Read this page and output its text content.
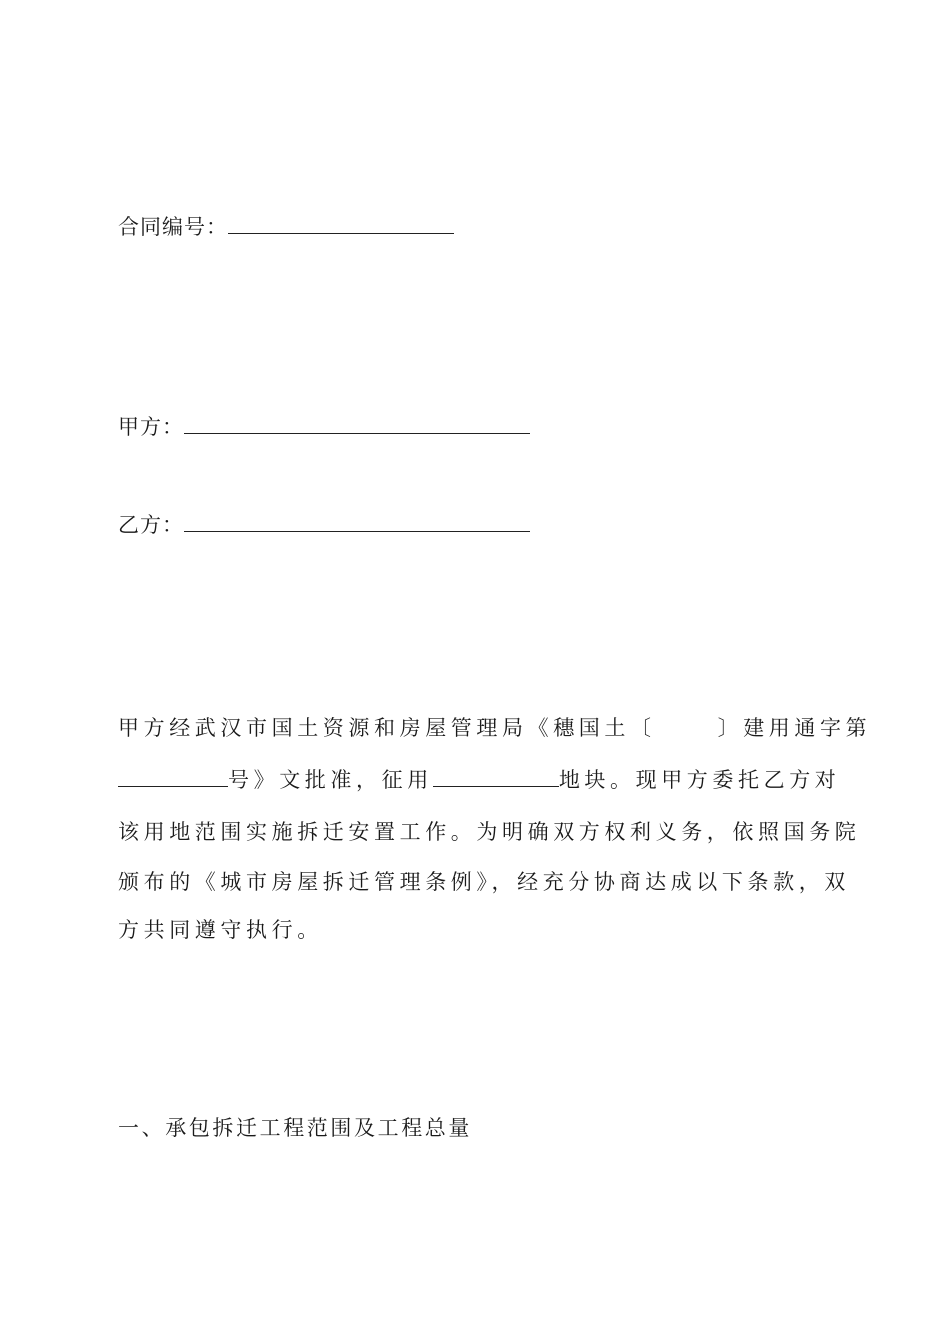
合同编号：
甲方：
乙方：
甲方经武汉市国土资源和房屋管理局《穗国土〔	〕建用通字第
号》文批准，征用	地块。现甲方委托乙方对
该用地范围实施拆迁安置工作。为明确双方权利义务，依照国务院
颁布的《城市房屋拆迁管理条例》，经充分协商达成以下条款，双
方共同遵守执行。
一、承包拆迁工程范围及工程总量
